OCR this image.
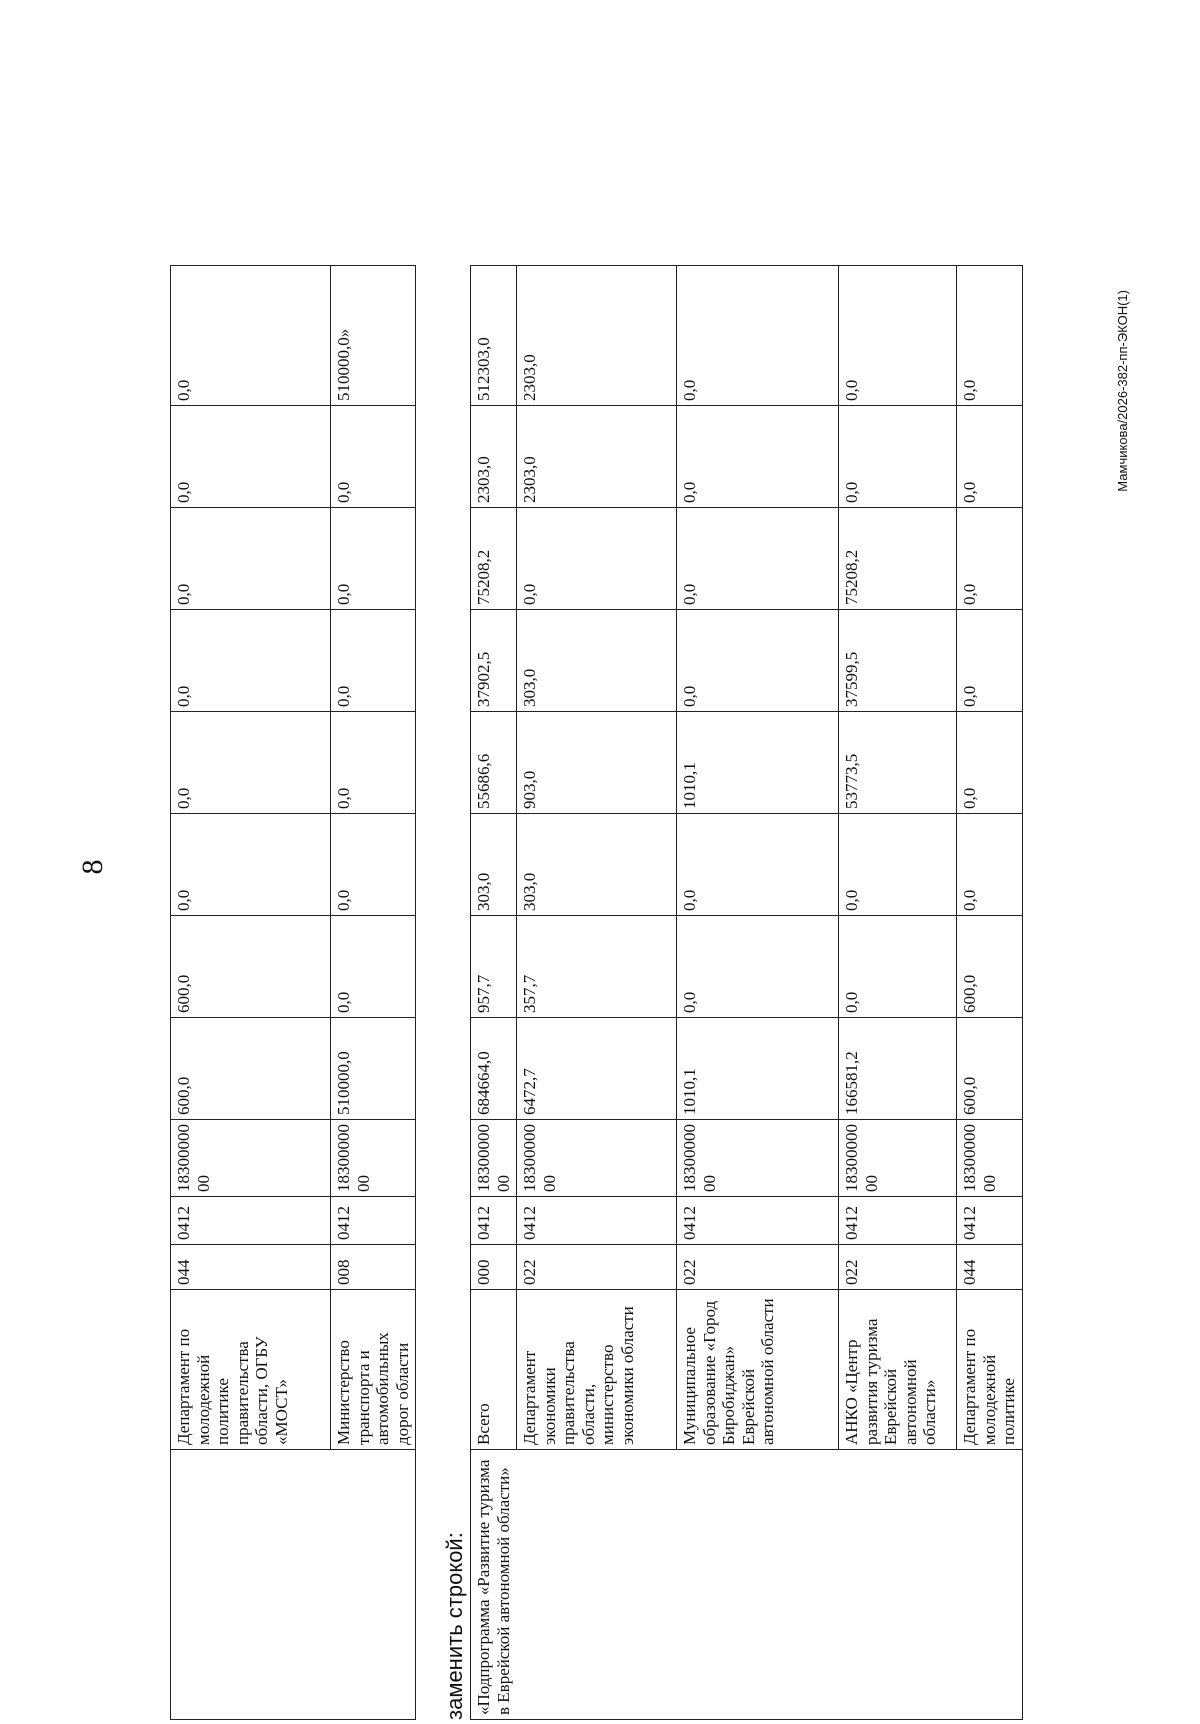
8
Мамчикова/2026-382-пп-ЭКОН(1)
	Департамент по молодежной политике правительства области, ОГБУ «МОСТ»	044	0412	18300000 00	600,0	600,0	0,0	0,0	0,0	0,0	0,0	0,0
	Министерство транспорта и автомобильных дорог области	008	0412	18300000 00	510000,0	0,0	0,0	0,0	0,0	0,0	0,0	510000,0»
заменить строкой: «Подпрограмма «Развитие туризма в Еврейской автономной области»	Всего	000	0412	18300000 00	684664,0	957,7	303,0	55686,6	37902,5	75208,2	2303,0	512303,0
	Департамент экономики правительства области, министерство экономики области	022	0412	18300000 00	6472,7	357,7	303,0	903,0	303,0	0,0	2303,0	2303,0
	Муниципальное образование «Город Биробиджан» Еврейской автономной области	022	0412	18300000 00	1010,1	0,0	0,0	1010,1	0,0	0,0	0,0	0,0
	АНКО «Центр развития туризма Еврейской автономной области»	022	0412	18300000 00	166581,2	0,0	0,0	53773,5	37599,5	75208,2	0,0	0,0
	Департамент по молодежной политике	044	0412	18300000 00	600,0	600,0	0,0	0,0	0,0	0,0	0,0	0,0
